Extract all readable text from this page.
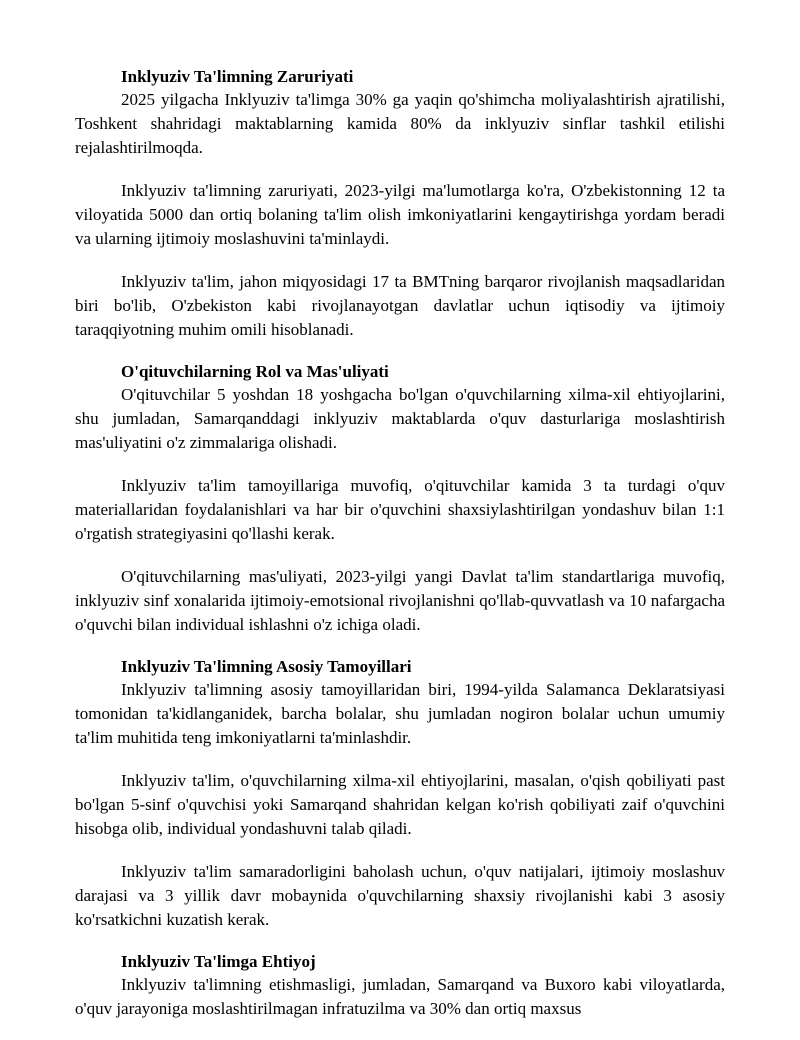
Inklyuziv Ta'limning Zaruriyati

2025 yilgacha Inklyuziv ta'limga 30% ga yaqin qo'shimcha moliyalashtirish ajratilishi, Toshkent shahridagi maktablarning kamida 80% da inklyuziv sinflar tashkil etilishi rejalashtirilmoqda.

Inklyuziv ta'limning zaruriyati, 2023-yilgi ma'lumotlarga ko'ra, O'zbekistonning 12 ta viloyatida 5000 dan ortiq bolaning ta'lim olish imkoniyatlarini kengaytirishga yordam beradi va ularning ijtimoiy moslashuvini ta'minlaydi.

Inklyuziv ta'lim, jahon miqyosidagi 17 ta BMTning barqaror rivojlanish maqsadlaridan biri bo'lib, O'zbekiston kabi rivojlanayotgan davlatlar uchun iqtisodiy va ijtimoiy taraqqiyotning muhim omili hisoblanadi.

O'qituvchilarning Rol va Mas'uliyati

O'qituvchilar 5 yoshdan 18 yoshgacha bo'lgan o'quvchilarning xilma-xil ehtiyojlarini, shu jumladan, Samarqanddagi inklyuziv maktablarda o'quv dasturlariga moslashtirish mas'uliyatini o'z zimmalariga olishadi.

Inklyuziv ta'lim tamoyillariga muvofiq, o'qituvchilar kamida 3 ta turdagi o'quv materiallaridan foydalanishlari va har bir o'quvchini shaxsiylashtirilgan yondashuv bilan 1:1 o'rgatish strategiyasini qo'llashi kerak.

O'qituvchilarning mas'uliyati, 2023-yilgi yangi Davlat ta'lim standartlariga muvofiq, inklyuziv sinf xonalarida ijtimoiy-emotsional rivojlanishni qo'llab-quvvatlash va 10 nafargacha o'quvchi bilan individual ishlashni o'z ichiga oladi.

Inklyuziv Ta'limning Asosiy Tamoyillari

Inklyuziv ta'limning asosiy tamoyillaridan biri, 1994-yilda Salamanca Deklaratsiyasi tomonidan ta'kidlanganidek, barcha bolalar, shu jumladan nogiron bolalar uchun umumiy ta'lim muhitida teng imkoniyatlarni ta'minlashdir.

Inklyuziv ta'lim, o'quvchilarning xilma-xil ehtiyojlarini, masalan, o'qish qobiliyati past bo'lgan 5-sinf o'quvchisi yoki Samarqand shahridan kelgan ko'rish qobiliyati zaif o'quvchini hisobga olib, individual yondashuvni talab qiladi.

Inklyuziv ta'lim samaradorligini baholash uchun, o'quv natijalari, ijtimoiy moslashuv darajasi va 3 yillik davr mobaynida o'quvchilarning shaxsiy rivojlanishi kabi 3 asosiy ko'rsatkichni kuzatish kerak.

Inklyuziv Ta'limga Ehtiyoj

Inklyuziv ta'limning etishmasligi, jumladan, Samarqand va Buxoro kabi viloyatlarda, o'quv jarayoniga moslashtirilmagan infratuzilma va 30% dan ortiq maxsus
